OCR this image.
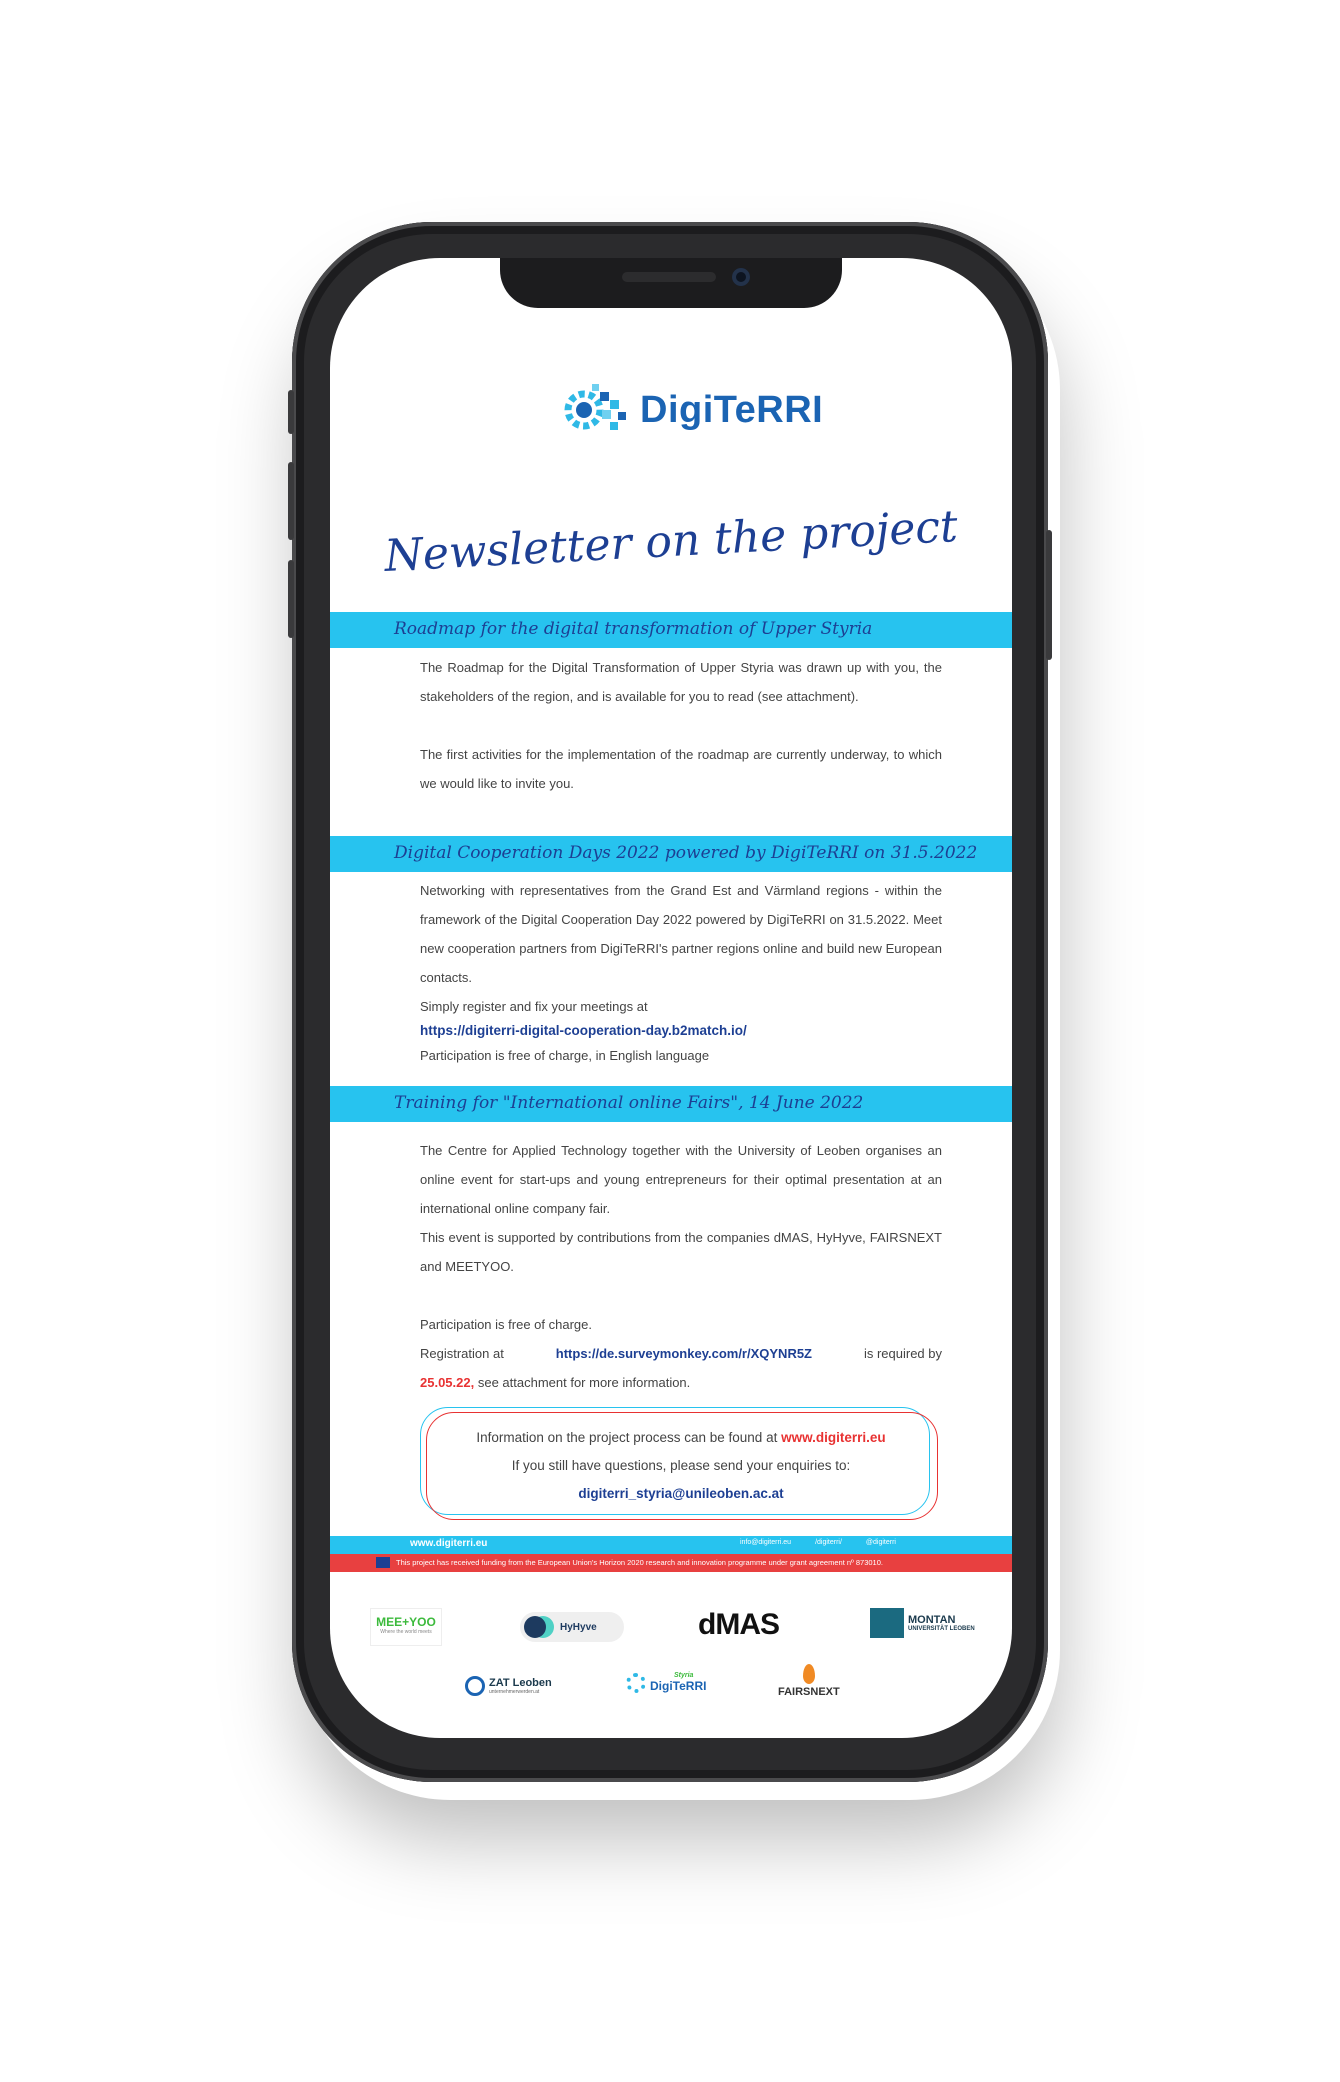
DigiTeRRI
Newsletter on the project
Roadmap for the digital transformation of Upper Styria

The Roadmap for the Digital Transformation of Upper Styria was drawn up with you, the stakeholders of the region, and is available for you to read (see attachment).

The first activities for the implementation of the roadmap are currently underway, to which we would like to invite you.

Digital Cooperation Days 2022 powered by DigiTeRRI on 31.5.2022

Networking with representatives from the Grand Est and Värmland regions - within the framework of the Digital Cooperation Day 2022 powered by DigiTeRRI on 31.5.2022. Meet new cooperation partners from DigiTeRRI's partner regions online and build new European contacts.

Simply register and fix your meetings at

https://digiterri-digital-cooperation-day.b2match.io/

Participation is free of charge, in English language

Training for "International online Fairs", 14 June 2022

The Centre for Applied Technology together with the University of Leoben organises an online event for start-ups and young entrepreneurs for their optimal presentation at an international online company fair.

This event is supported by contributions from the companies dMAS, HyHyve, FAIRSNEXT and MEETYOO.

Participation is free of charge.

Registration at	https://de.surveymonkey.com/r/XQYNR5Z	is required by

25.05.22, see attachment for more information.

Information on the project process can be found at www.digiterri.eu
If you still have questions, please send your enquiries to:
digiterri_styria@unileoben.ac.at
www.digiterri.eu	info@digiterri.eu	/digiterri/	@digiterri
This project has received funding from the European Union's Horizon 2020 research and innovation programme under grant agreement nº 873010.
MEE+YOO
Where the world meets	HyHyve	dMAS	MONTAN
UNIVERSITÄT LEOBEN
ZAT Leoben
unternehmerwerden.at
Styria
DigiTeRRI	FAIRSNEXT
